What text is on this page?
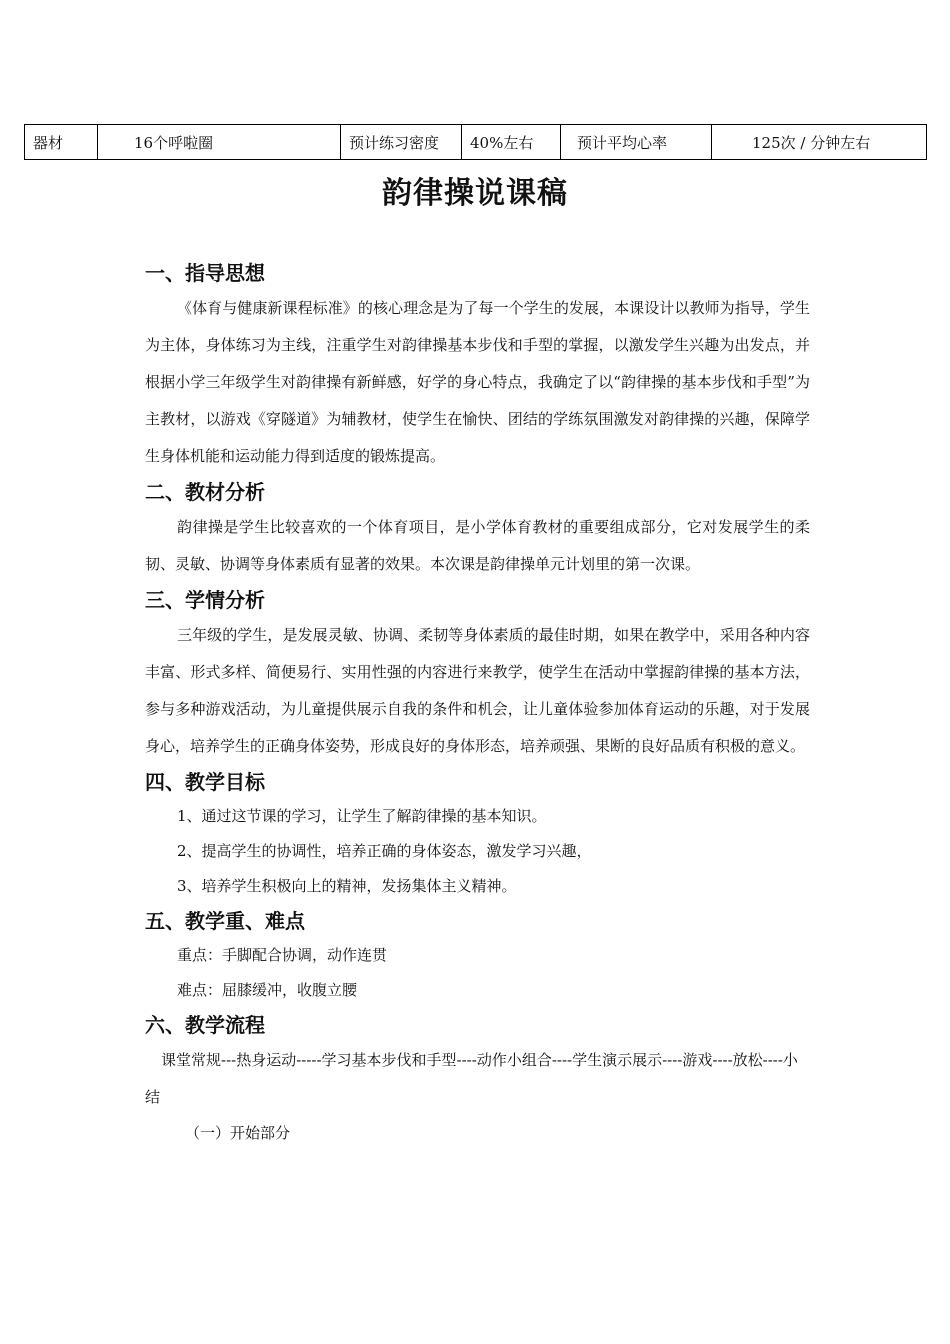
器材	16个呼啦圈	预计练习密度	40%左右	预计平均心率	125次 / 分钟左右
韵律操说课稿
一、指导思想

《体育与健康新课程标准》的核心理念是为了每一个学生的发展，本课设计以教师为指导，学生为主体，身体练习为主线，注重学生对韵律操基本步伐和手型的掌握，以激发学生兴趣为出发点，并根据小学三年级学生对韵律操有新鲜感，好学的身心特点，我确定了以“韵律操的基本步伐和手型”为主教材，以游戏《穿隧道》为辅教材，使学生在愉快、团结的学练氛围激发对韵律操的兴趣，保障学生身体机能和运动能力得到适度的锻炼提高。

二、教材分析

韵律操是学生比较喜欢的一个体育项目，是小学体育教材的重要组成部分，它对发展学生的柔韧、灵敏、协调等身体素质有显著的效果。本次课是韵律操单元计划里的第一次课。

三、学情分析

三年级的学生，是发展灵敏、协调、柔韧等身体素质的最佳时期，如果在教学中，采用各种内容丰富、形式多样、简便易行、实用性强的内容进行来教学，使学生在活动中掌握韵律操的基本方法，参与多种游戏活动，为儿童提供展示自我的条件和机会，让儿童体验参加体育运动的乐趣，对于发展身心，培养学生的正确身体姿势，形成良好的身体形态，培养顽强、果断的良好品质有积极的意义。

四、教学目标

1、通过这节课的学习，让学生了解韵律操的基本知识。

2、提高学生的协调性，培养正确的身体姿态，激发学习兴趣，

3、培养学生积极向上的精神，发扬集体主义精神。

五、教学重、难点

重点：手脚配合协调，动作连贯

难点：屈膝缓冲，收腹立腰

六、教学流程

课堂常规---热身运动-----学习基本步伐和手型----动作小组合----学生演示展示----游戏----放松----小结

（一）开始部分
